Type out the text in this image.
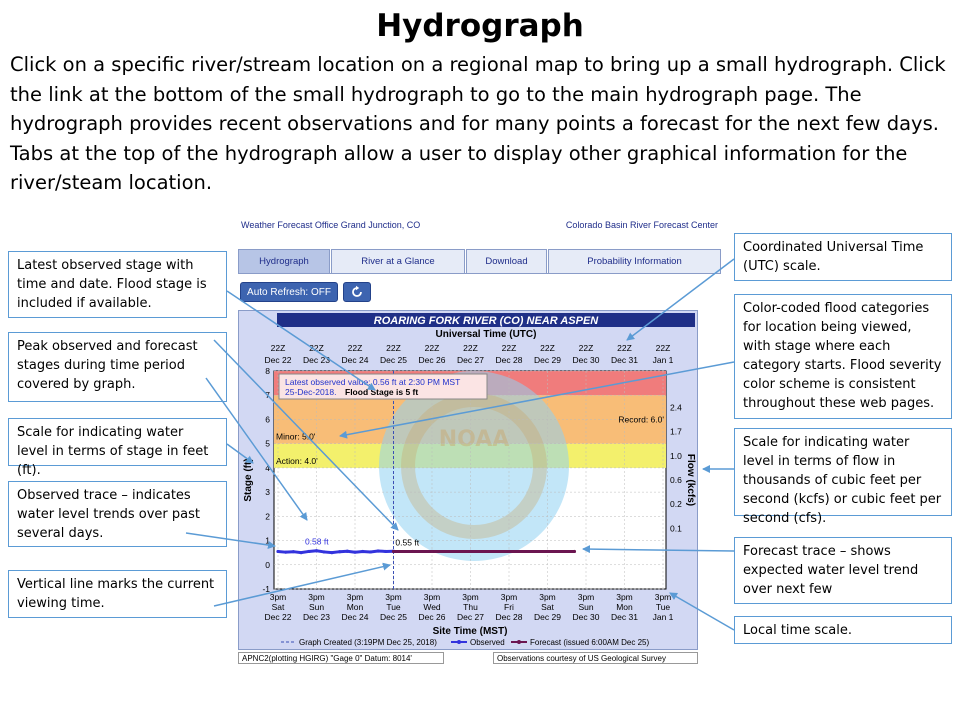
Hydrograph
Click on a specific river/stream location on a regional map to bring up a small hydrograph. Click the link at the bottom of the small hydrograph to go to the main hydrograph page. The hydrograph provides recent observations and for many points a forecast for the next few days. Tabs at the top of the hydrograph allow a user to display other graphical information for the river/steam location.
Latest observed stage with time and date. Flood stage is included if available.
Peak observed and forecast stages during time period covered by graph.
Scale for indicating water level in terms of stage in feet (ft).
Observed trace – indicates water level trends over past several days.
Vertical line marks the current viewing time.
Coordinated Universal Time (UTC) scale.
Color-coded flood categories for location being viewed, with stage where each category starts. Flood severity color scheme is consistent throughout these web pages.
Scale for indicating water level in terms of flow in thousands of cubic feet per second (kcfs) or cubic feet per second (cfs).
Forecast trace – shows expected water level trend over next few
Local time scale.
Weather Forecast Office Grand Junction, CO	Colorado Basin River Forecast Center
Hydrograph	River at a Glance	Download	Probability Information
Auto Refresh: OFF
ROARING FORK RIVER (CO) NEAR ASPEN
Universal Time (UTC)
22Z
Dec 22
22Z
Dec 23
22Z
Dec 24
22Z
Dec 25
22Z
Dec 26
22Z
Dec 27
22Z
Dec 28
22Z
Dec 29
22Z
Dec 30
22Z
Dec 31
22Z
Jan 1
Action: 4.0'
Minor: 5.0'	NOAA
-1
0
1
2
3
4
5
6
7
8
Record: 6.0'
2.4
1.7
1.0
0.6
0.2
0.1
Stage (ft)	Flow (kcfs)
0.58 ft	0.55 ft
Latest observed value: 0.56 ft at 2:30 PM MST
25-Dec-2018. Flood Stage is 5 ft
3pm
Sat
Dec 22
3pm
Sun
Dec 23
3pm
Mon
Dec 24
3pm
Tue
Dec 25
3pm
Wed
Dec 26
3pm
Thu
Dec 27
3pm
Fri
Dec 28
3pm
Sat
Dec 29
3pm
Sun
Dec 30
3pm
Mon
Dec 31
3pm
Tue
Jan 1
Site Time (MST)
Graph Created (3:19PM Dec 25, 2018)	Observed	Forecast (issued 6:00AM Dec 25)
APNC2(plotting HGIRG) "Gage 0" Datum: 8014'	Observations courtesy of US Geological Survey
